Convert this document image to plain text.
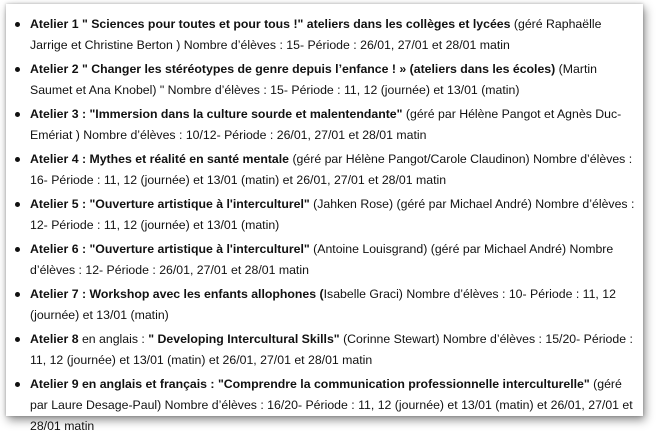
Atelier 1 " Sciences pour toutes et pour tous !" ateliers dans les collèges et lycées (géré Raphaëlle Jarrige et Christine Berton ) Nombre d’élèves : 15- Période : 26/01, 27/01 et 28/01 matin
Atelier 2 " Changer les stéréotypes de genre depuis l’enfance ! » (ateliers dans les écoles) (Martin Saumet et Ana Knobel) " Nombre d’élèves : 15- Période : 11, 12 (journée) et 13/01 (matin)
Atelier 3 : "Immersion dans la culture sourde et malentendante" (géré par Hélène Pangot et Agnès Duc-Emériat ) Nombre d’élèves : 10/12- Période : 26/01, 27/01 et 28/01 matin
Atelier 4 : Mythes et réalité en santé mentale (géré par Hélène Pangot/Carole Claudinon) Nombre d’élèves : 16- Période : 11, 12 (journée) et 13/01 (matin) et 26/01, 27/01 et 28/01 matin
Atelier 5 : "Ouverture artistique à l'interculturel" (Jahken Rose) (géré par Michael André) Nombre d’élèves : 12- Période : 11, 12 (journée) et 13/01 (matin)
Atelier 6 : "Ouverture artistique à l'interculturel" (Antoine Louisgrand) (géré par Michael André) Nombre d’élèves : 12- Période : 26/01, 27/01 et 28/01 matin
Atelier 7 : Workshop avec les enfants allophones (Isabelle Graci) Nombre d’élèves : 10- Période : 11, 12 (journée) et 13/01 (matin)
Atelier 8 en anglais : " Developing Intercultural Skills" (Corinne Stewart) Nombre d’élèves : 15/20- Période : 11, 12 (journée) et 13/01 (matin) et 26/01, 27/01 et 28/01 matin
Atelier 9 en anglais et français : "Comprendre la communication professionnelle interculturelle" (géré par Laure Desage-Paul) Nombre d’élèves : 16/20- Période : 11, 12 (journée) et 13/01 (matin) et 26/01, 27/01 et 28/01 matin
